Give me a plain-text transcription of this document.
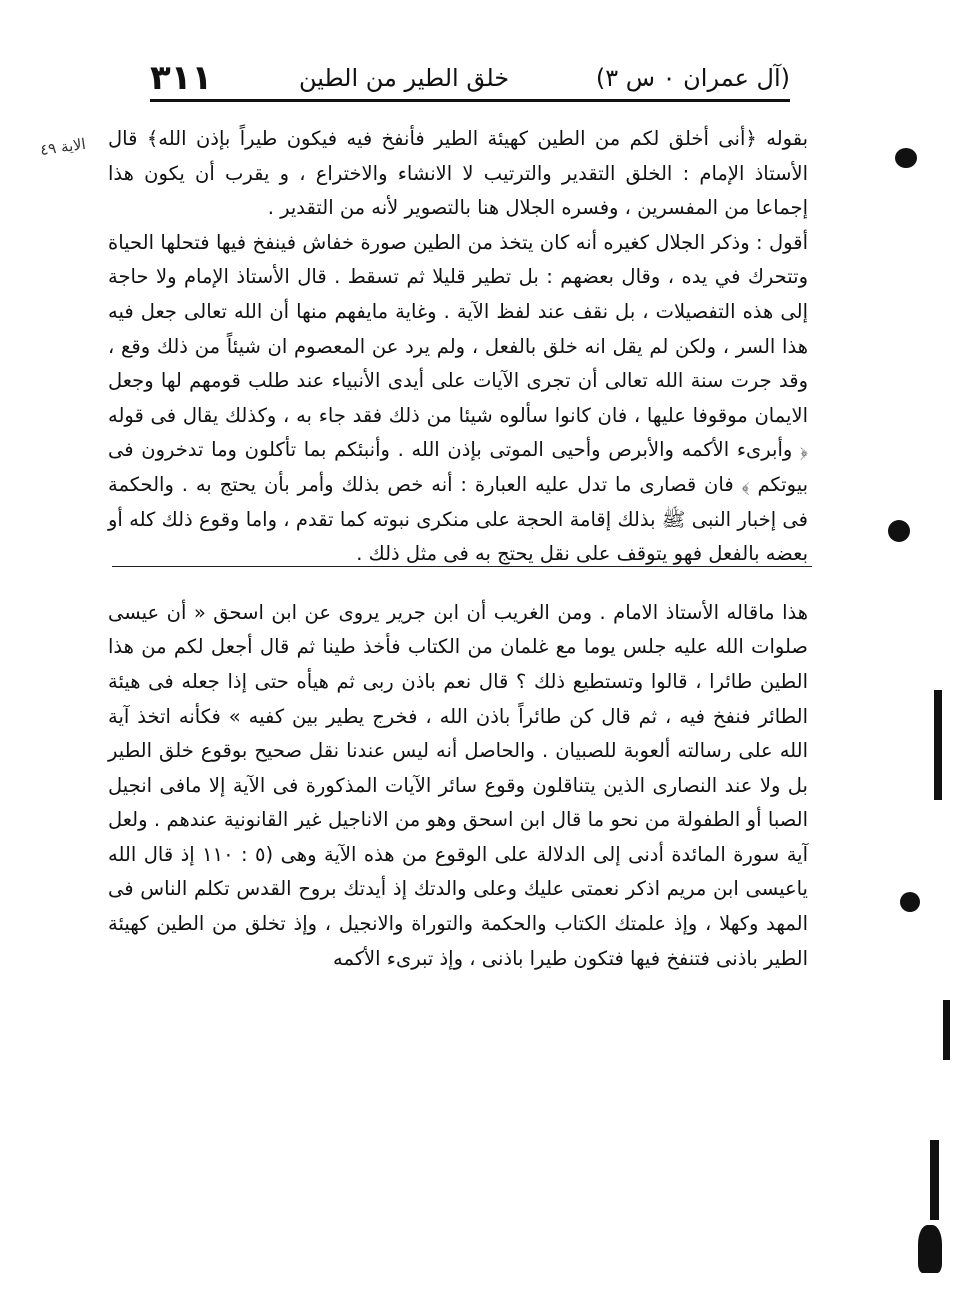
(آل عمران ٠ س ٣)
خلق الطير من الطين
٣١١
الاية ٤٩ بقوله ﴿أنى أخلق لكم من الطين كهيئة الطير فأنفخ فيه فيكون طيراً بإذن الله﴾ قال الأستاذ الإمام : الخلق التقدير والترتيب لا الانشاء والاختراع ، و يقرب أن يكون هذا إجماعا من المفسرين ، وفسره الجلال هنا بالتصوير لأنه من التقدير .

أقول : وذكر الجلال كغيره أنه كان يتخذ من الطين صورة خفاش فينفخ فيها فتحلها الحياة وتتحرك في يده ، وقال بعضهم : بل تطير قليلا ثم تسقط . قال الأستاذ الإمام ولا حاجة إلى هذه التفصيلات ، بل نقف عند لفظ الآية . وغاية مايفهم منها أن الله تعالى جعل فيه هذا السر ، ولكن لم يقل انه خلق بالفعل ، ولم يرد عن المعصوم ان شيئاً من ذلك وقع ، وقد جرت سنة الله تعالى أن تجرى الآيات على أيدى الأنبياء عند طلب قومهم لها وجعل الايمان موقوفا عليها ، فان كانوا سألوه شيئا من ذلك فقد جاء به ، وكذلك يقال فى قوله ﴿ وأبرىء الأكمه والأبرص وأحيى الموتى بإذن الله . وأنبئكم بما تأكلون وما تدخرون فى بيوتكم ﴾ فان قصارى ما تدل عليه العبارة : أنه خص بذلك وأمر بأن يحتج به . والحكمة فى إخبار النبى ﷺ بذلك إقامة الحجة على منكرى نبوته كما تقدم ، واما وقوع ذلك كله أو بعضه بالفعل فهو يتوقف على نقل يحتج به فى مثل ذلك .

هذا ماقاله الأستاذ الامام . ومن الغريب أن ابن جرير يروى عن ابن اسحق « أن عيسى صلوات الله عليه جلس يوما مع غلمان من الكتاب فأخذ طينا ثم قال أجعل لكم من هذا الطين طائرا ، قالوا وتستطيع ذلك ؟ قال نعم باذن ربى ثم هيأه حتى إذا جعله فى هيئة الطائر فنفخ فيه ، ثم قال كن طائراً باذن الله ، فخرج يطير بين كفيه » فكأنه اتخذ آية الله على رسالته ألعوبة للصبيان . والحاصل أنه ليس عندنا نقل صحيح بوقوع خلق الطير بل ولا عند النصارى الذين يتناقلون وقوع سائر الآيات المذكورة فى الآية إلا مافى انجيل الصبا أو الطفولة من نحو ما قال ابن اسحق وهو من الاناجيل غير القانونية عندهم . ولعل آية سورة المائدة أدنى إلى الدلالة على الوقوع من هذه الآية وهى (٥ : ١١٠ إذ قال الله ياعيسى ابن مريم اذكر نعمتى عليك وعلى والدتك إذ أيدتك بروح القدس تكلم الناس فى المهد وكهلا ، وإذ علمتك الكتاب والحكمة والتوراة والانجيل ، وإذ تخلق من الطين كهيئة الطير باذنى فتنفخ فيها فتكون طيرا باذنى ، وإذ تبرىء الأكمه
